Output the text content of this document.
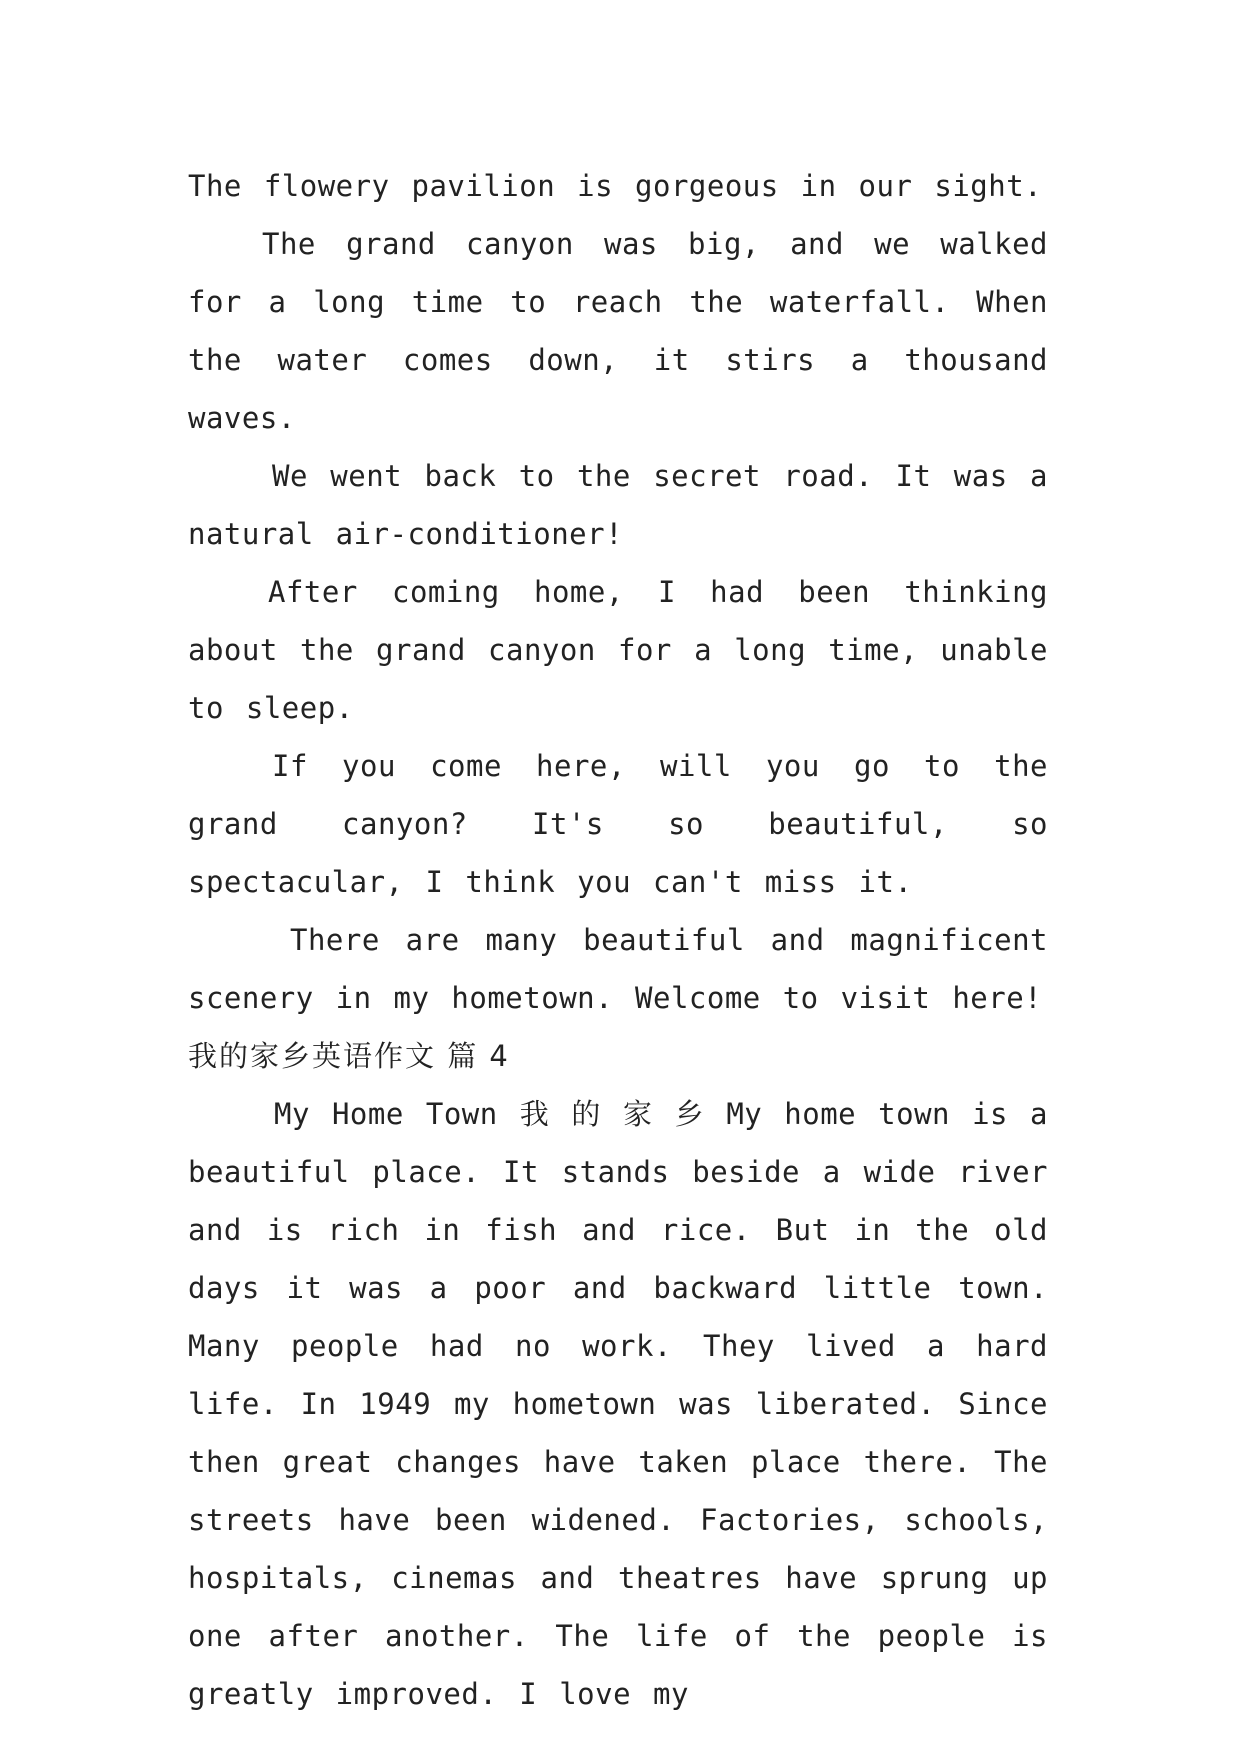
The flowery pavilion is gorgeous in our sight.

The grand canyon was big, and we walked for a long time to reach the waterfall. When the water comes down, it stirs a thousand waves.

We went back to the secret road. It was a natural air-conditioner!

After coming home, I had been thinking about the grand canyon for a long time, unable to sleep.

If you come here, will you go to the grand canyon? It's so beautiful, so spectacular, I think you can't miss it.

There are many beautiful and magnificent scenery in my hometown. Welcome to visit here!

我的家乡英语作文 篇 4

My Home Town 我 的 家 乡 My home town is a beautiful place. It stands beside a wide river and is rich in fish and rice. But in the old days it was a poor and backward little town. Many people had no work. They lived a hard life. In 1949 my hometown was liberated. Since then great changes have taken place there. The streets have been widened. Factories, schools, hospitals, cinemas and theatres have sprung up one after another. The life of the people is greatly improved. I love my
